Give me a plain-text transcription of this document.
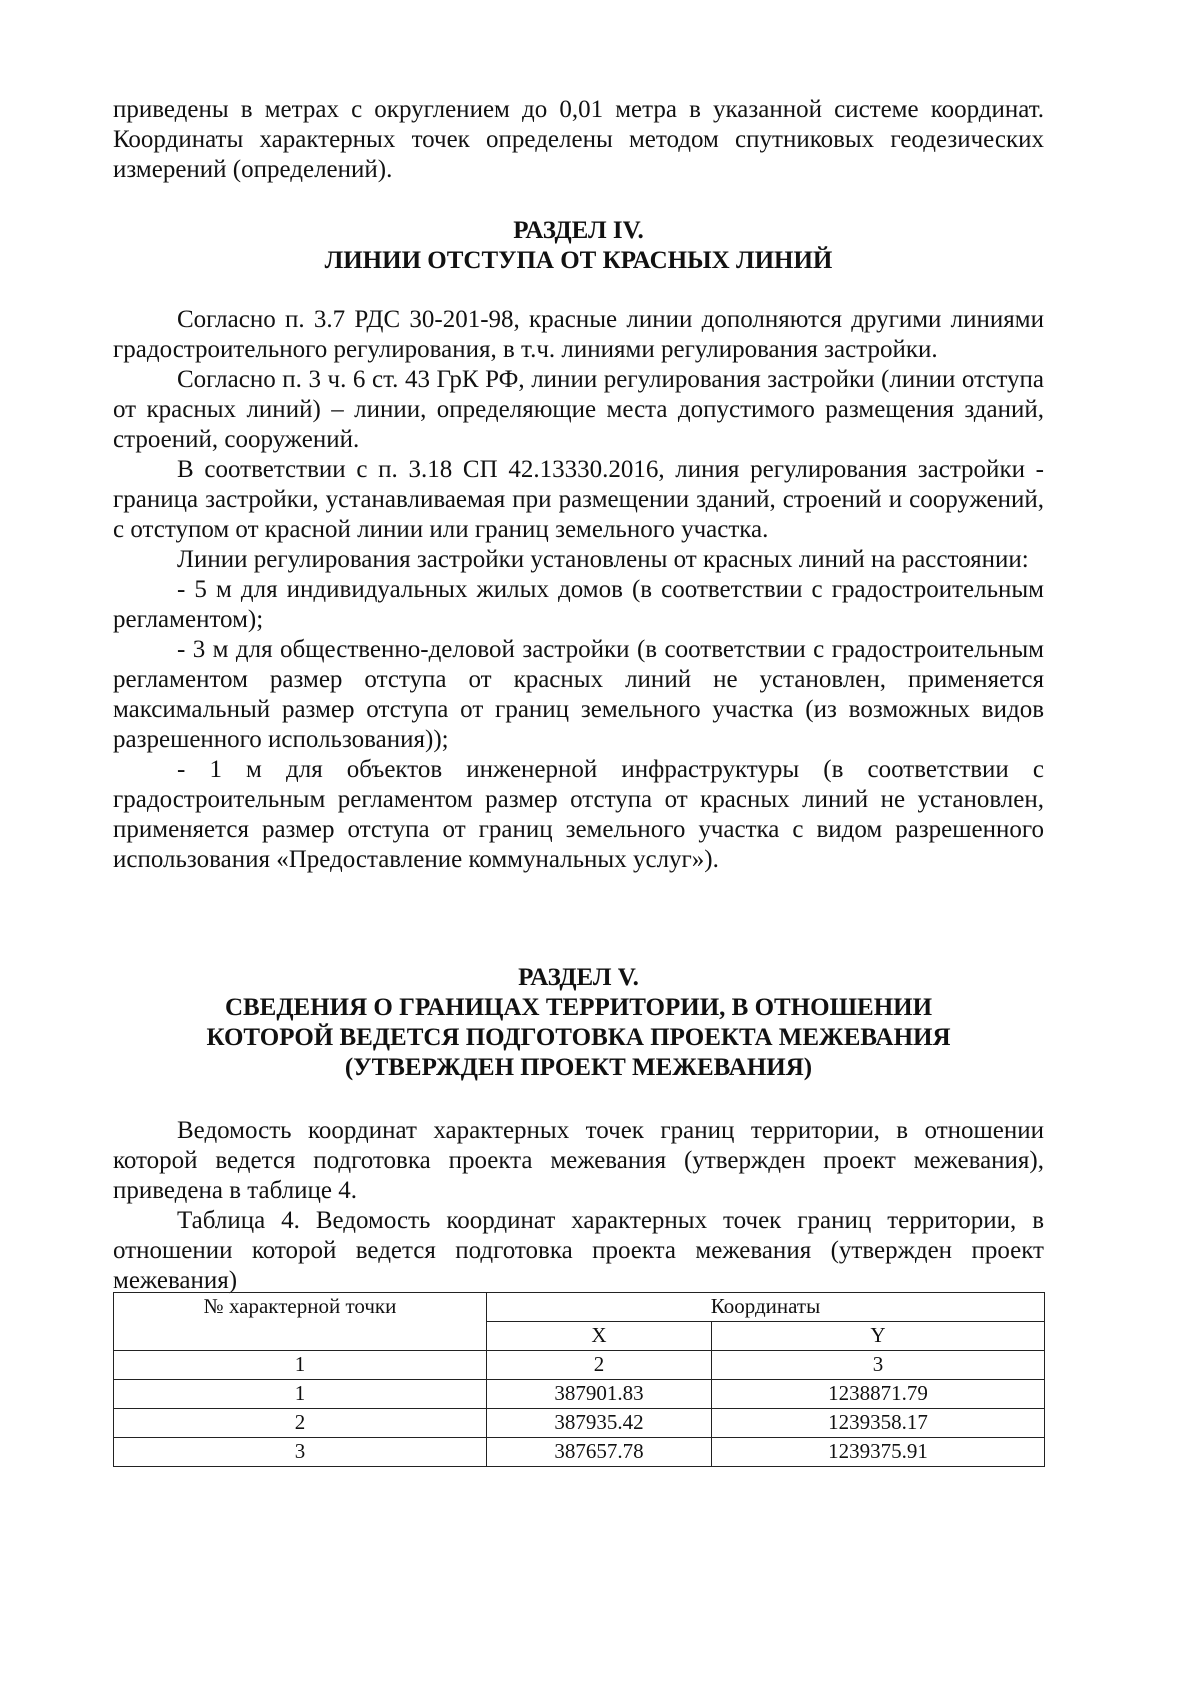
приведены в метрах с округлением до 0,01 метра в указанной системе координат.

Координаты характерных точек определены методом спутниковых геодезических

измерений (определений).

РАЗДЕЛ IV.

ЛИНИИ ОТСТУПА ОТ КРАСНЫХ ЛИНИЙ

Согласно п. 3.7 РДС 30-201-98, красные линии дополняются другими линиями градостроительного регулирования, в т.ч. линиями регулирования застройки.

Согласно п. 3 ч. 6 ст. 43 ГрК РФ, линии регулирования застройки (линии отступа от красных линий) – линии, определяющие места допустимого размещения зданий, строений, сооружений.

В соответствии с п. 3.18 СП 42.13330.2016, линия регулирования застройки - граница застройки, устанавливаемая при размещении зданий, строений и сооружений, с отступом от красной линии или границ земельного участка.

Линии регулирования застройки установлены от красных линий на расстоянии:

- 5 м для индивидуальных жилых домов (в соответствии с градостроительным регламентом);

- 3 м для общественно-деловой застройки (в соответствии с градостроительным регламентом размер отступа от красных линий не установлен, применяется максимальный размер отступа от границ земельного участка (из возможных видов разрешенного использования));

- 1 м для объектов инженерной инфраструктуры (в соответствии с градостроительным регламентом размер отступа от красных линий не установлен, применяется размер отступа от границ земельного участка с видом разрешенного использования «Предоставление коммунальных услуг»).

РАЗДЕЛ V.

СВЕДЕНИЯ О ГРАНИЦАХ ТЕРРИТОРИИ, В ОТНОШЕНИИ

КОТОРОЙ ВЕДЕТСЯ ПОДГОТОВКА ПРОЕКТА МЕЖЕВАНИЯ

(УТВЕРЖДЕН ПРОЕКТ МЕЖЕВАНИЯ)

Ведомость координат характерных точек границ территории, в отношении которой ведется подготовка проекта межевания (утвержден проект межевания), приведена в таблице 4.

Таблица 4. Ведомость координат характерных точек границ территории, в отношении которой ведется подготовка проекта межевания (утвержден проект межевания)

№ характерной точки	Координаты	
	X	Y
1	2	3
1	387901.83	1238871.79
2	387935.42	1239358.17
3	387657.78	1239375.91
